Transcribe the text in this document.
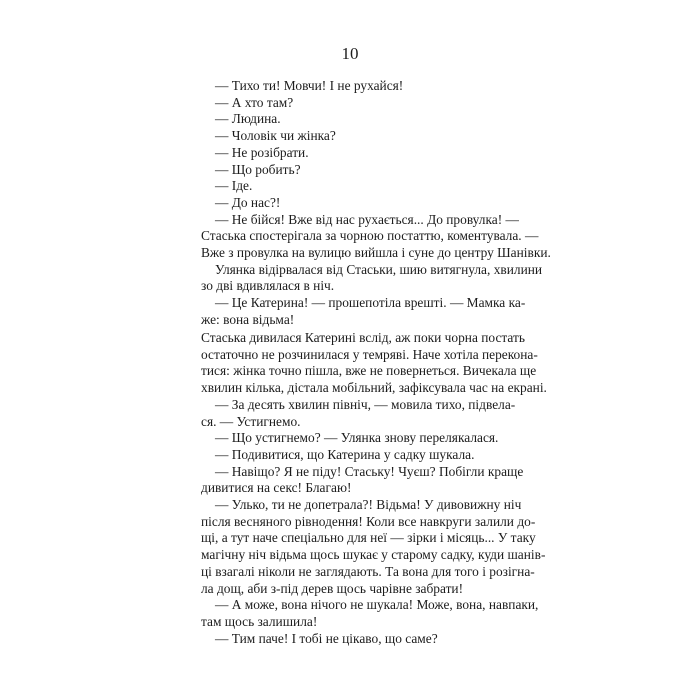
10
— Тихо ти! Мовчи! І не рухайся!
— А хто там?
— Людина.
— Чоловік чи жінка?
— Не розібрати.
— Що робить?
— Іде.
— До нас?!
— Не бійся! Вже від нас рухається... До провулка! —
Стаська спостерігала за чорною постаттю, коментувала. —
Вже з провулка на вулицю вийшла і суне до центру Шанівки.
Улянка відірвалася від Стаськи, шию витягнула, хвилини
зо дві вдивлялася в ніч.
— Це Катерина! — прошепотіла врешті. — Мамка ка-
же: вона відьма!
Стаська дивилася Катерині вслід, аж поки чорна постать
остаточно не розчинилася у темряві. Наче хотіла переконa-
тися: жінка точно пішла, вже не повернеться. Вичекала ще
хвилин кілька, дістала мобільний, зафіксувала час на екрані.
— За десять хвилин північ, — мовила тихо, підвела-
ся. — Устигнемо.
— Що устигнемо? — Улянка знову перелякалася.
— Подивитися, що Катерина у садку шукала.
— Навіщо? Я не піду! Стаську! Чуєш? Побігли краще
дивитися на секс! Благаю!
— Улько, ти не допетрала?! Відьма! У дивовижну ніч
після весняного рівнодення! Коли все навкруги залили до-
щі, а тут наче спеціально для неї — зірки і місяць... У таку
магічну ніч відьма щось шукає у старому садку, куди шанів-
ці взагалі ніколи не заглядають. Та вона для того і розігна-
ла дощ, аби з-під дерев щось чарівне забрати!
— А може, вона нічого не шукала! Може, вона, навпаки,
там щось залишила!
— Тим паче! І тобі не цікаво, що саме?
